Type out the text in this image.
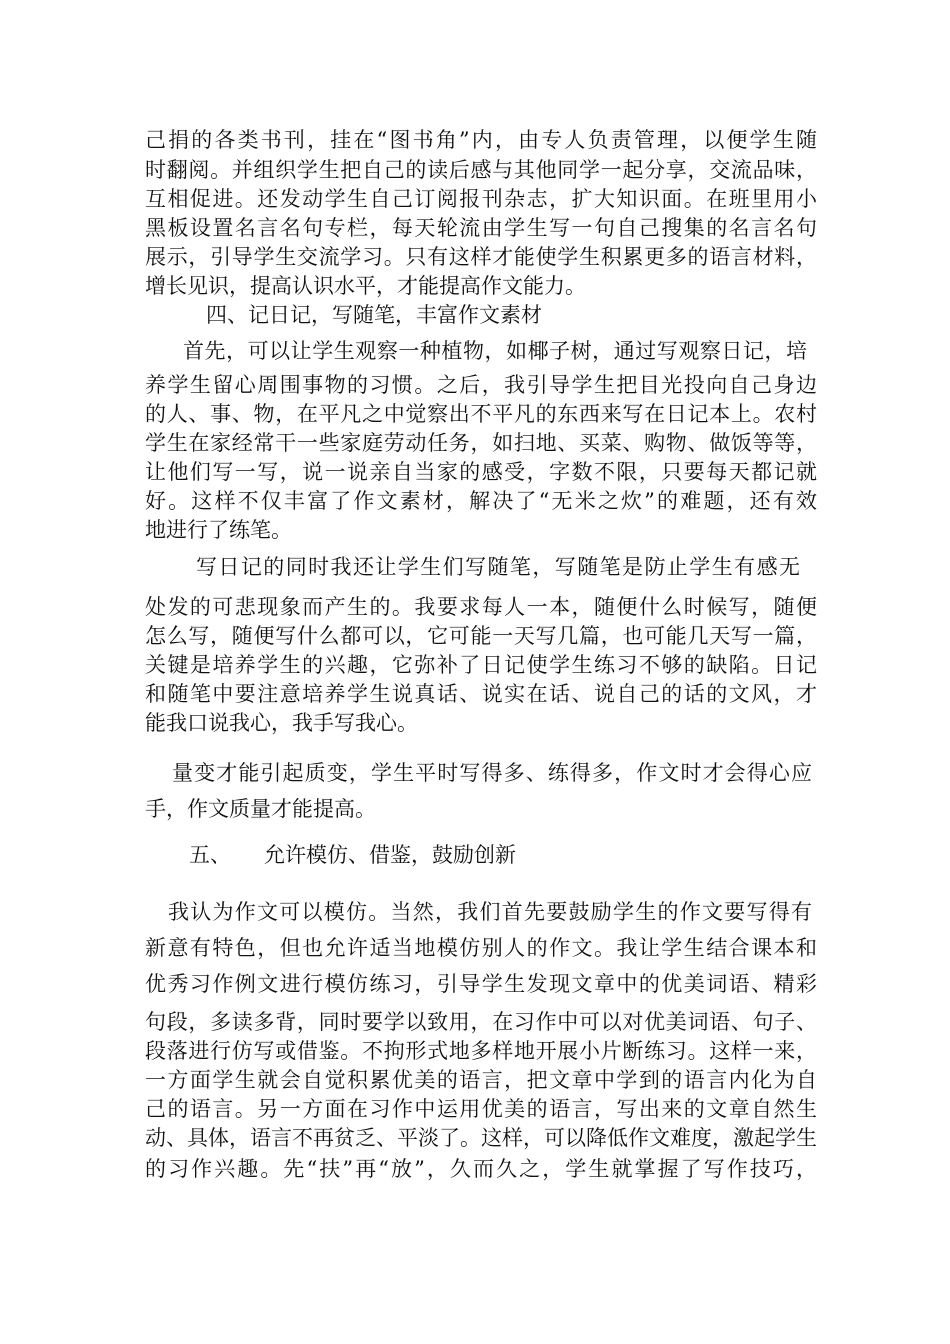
己捐的各类书刊，挂在“图书角”内，由专人负责管理，以便学生随
时翻阅。并组织学生把自己的读后感与其他同学一起分享，交流品味，
互相促进。还发动学生自己订阅报刊杂志，扩大知识面。在班里用小
黑板设置名言名句专栏，每天轮流由学生写一句自己搜集的名言名句
展示，引导学生交流学习。只有这样才能使学生积累更多的语言材料，
增长见识，提高认识水平，才能提高作文能力。
四、记日记，写随笔，丰富作文素材
首先，可以让学生观察一种植物，如椰子树，通过写观察日记，培
养学生留心周围事物的习惯。之后，我引导学生把目光投向自己身边
的人、事、物，在平凡之中觉察出不平凡的东西来写在日记本上。农村
学生在家经常干一些家庭劳动任务，如扫地、买菜、购物、做饭等等，
让他们写一写，说一说亲自当家的感受，字数不限，只要每天都记就
好。这样不仅丰富了作文素材，解决了“无米之炊”的难题，还有效
地进行了练笔。
写日记的同时我还让学生们写随笔，写随笔是防止学生有感无
处发的可悲现象而产生的。我要求每人一本，随便什么时候写，随便
怎么写，随便写什么都可以，它可能一天写几篇，也可能几天写一篇，
关键是培养学生的兴趣，它弥补了日记使学生练习不够的缺陷。日记
和随笔中要注意培养学生说真话、说实在话、说自己的话的文风，才
能我口说我心，我手写我心。
量变才能引起质变，学生平时写得多、练得多，作文时才会得心应
手，作文质量才能提高。
五、 允许模仿、借鉴，鼓励创新
我认为作文可以模仿。当然，我们首先要鼓励学生的作文要写得有
新意有特色，但也允许适当地模仿别人的作文。我让学生结合课本和
优秀习作例文进行模仿练习，引导学生发现文章中的优美词语、精彩
句段，多读多背，同时要学以致用，在习作中可以对优美词语、句子、
段落进行仿写或借鉴。不拘形式地多样地开展小片断练习。这样一来，
一方面学生就会自觉积累优美的语言，把文章中学到的语言内化为自
己的语言。另一方面在习作中运用优美的语言，写出来的文章自然生
动、具体，语言不再贫乏、平淡了。这样，可以降低作文难度，激起学生
的习作兴趣。先“扶”再“放”，久而久之，学生就掌握了写作技巧，
